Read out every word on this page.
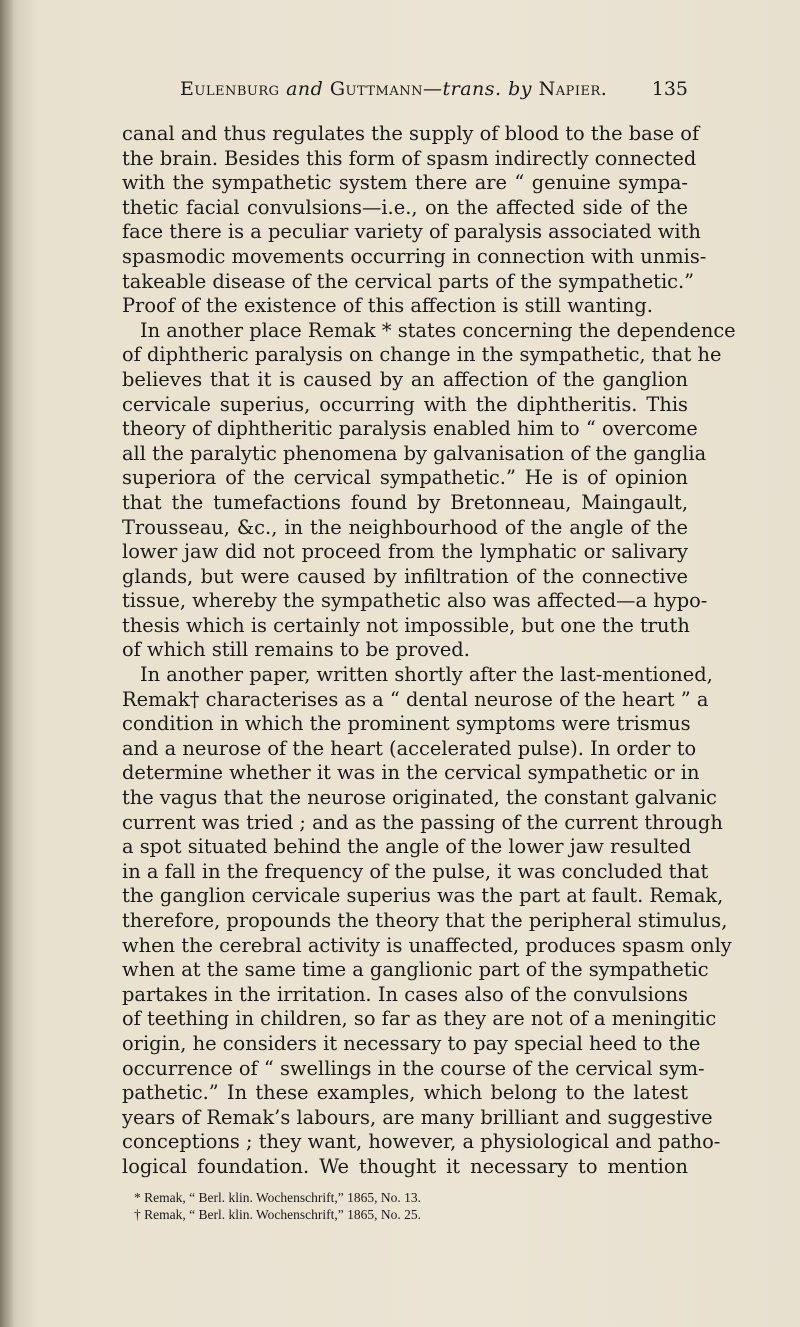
Eulenburg and Guttmann—trans. by Napier. 135
canal and thus regulates the supply of blood to the base of
the brain. Besides this form of spasm indirectly connected
with the sympathetic system there are “ genuine sympa-
thetic facial convulsions—i.e., on the affected side of the
face there is a peculiar variety of paralysis associated with
spasmodic movements occurring in connection with unmis-
takeable disease of the cervical parts of the sympathetic.”
Proof of the existence of this affection is still wanting.
In another place Remak * states concerning the dependence
of diphtheric paralysis on change in the sympathetic, that he
believes that it is caused by an affection of the ganglion
cervicale superius, occurring with the diphtheritis. This
theory of diphtheritic paralysis enabled him to “ overcome
all the paralytic phenomena by galvanisation of the ganglia
superiora of the cervical sympathetic.” He is of opinion
that the tumefactions found by Bretonneau, Maingault,
Trousseau, &c., in the neighbourhood of the angle of the
lower jaw did not proceed from the lymphatic or salivary
glands, but were caused by infiltration of the connective
tissue, whereby the sympathetic also was affected—a hypo-
thesis which is certainly not impossible, but one the truth
of which still remains to be proved.
In another paper, written shortly after the last-mentioned,
Remak† characterises as a “ dental neurose of the heart ” a
condition in which the prominent symptoms were trismus
and a neurose of the heart (accelerated pulse). In order to
determine whether it was in the cervical sympathetic or in
the vagus that the neurose originated, the constant galvanic
current was tried ; and as the passing of the current through
a spot situated behind the angle of the lower jaw resulted
in a fall in the frequency of the pulse, it was concluded that
the ganglion cervicale superius was the part at fault. Remak,
therefore, propounds the theory that the peripheral stimulus,
when the cerebral activity is unaffected, produces spasm only
when at the same time a ganglionic part of the sympathetic
partakes in the irritation. In cases also of the convulsions
of teething in children, so far as they are not of a meningitic
origin, he considers it necessary to pay special heed to the
occurrence of “ swellings in the course of the cervical sym-
pathetic.” In these examples, which belong to the latest
years of Remak’s labours, are many brilliant and suggestive
conceptions ; they want, however, a physiological and patho-
logical foundation. We thought it necessary to mention
* Remak, “ Berl. klin. Wochenschrift,” 1865, No. 13.
† Remak, “ Berl. klin. Wochenschrift,” 1865, No. 25.
